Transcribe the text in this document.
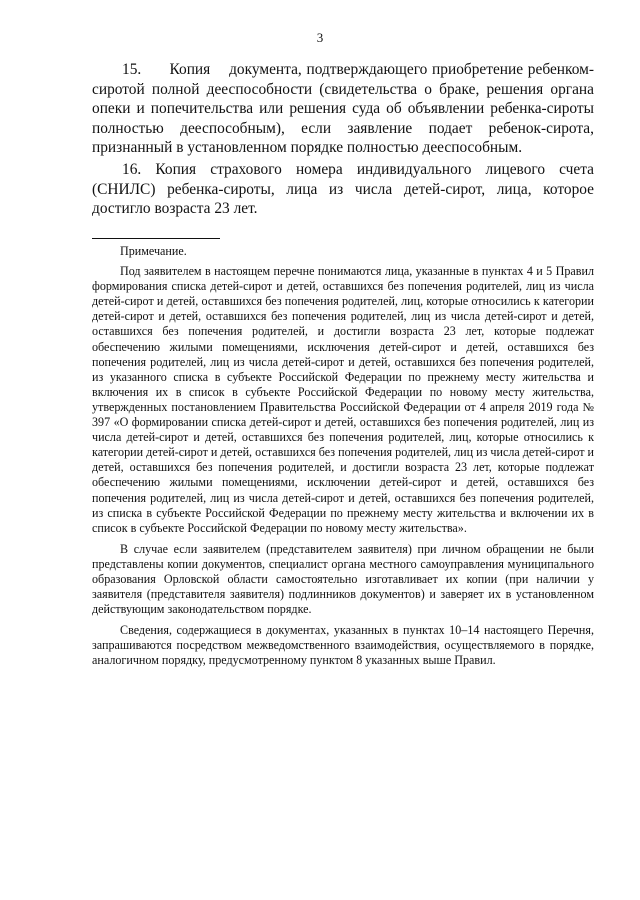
3

15.      Копия    документа, подтверждающего приобретение ребенком-сиротой полной дееспособности (свидетельства о браке, решения органа опеки и попечительства или решения суда об объявлении ребенка-сироты полностью дееспособным), если заявление подает ребенок-сирота, признанный в установленном порядке полностью дееспособным.

16. Копия страхового номера индивидуального лицевого счета (СНИЛС) ребенка-сироты, лица из числа детей-сирот, лица, которое достигло возраста 23 лет.

Примечание.

Под заявителем в настоящем перечне понимаются лица, указанные в пунктах 4 и 5 Правил формирования списка детей-сирот и детей, оставшихся без попечения родителей, лиц из числа детей-сирот и детей, оставшихся без попечения родителей, лиц, которые относились к категории детей-сирот и детей, оставшихся без попечения родителей, лиц из числа детей-сирот и детей, оставшихся без попечения родителей, и достигли возраста 23 лет, которые подлежат обеспечению жилыми помещениями, исключения детей-сирот и детей, оставшихся без попечения родителей, лиц из числа детей-сирот и детей, оставшихся без попечения родителей, из указанного списка в субъекте Российской Федерации по прежнему месту жительства и включения их в список в субъекте Российской Федерации по новому месту жительства, утвержденных постановлением Правительства Российской Федерации от 4 апреля 2019 года № 397 «О формировании списка детей-сирот и детей, оставшихся без попечения родителей, лиц из числа детей-сирот и детей, оставшихся без попечения родителей, лиц, которые относились к категории детей-сирот и детей, оставшихся без попечения родителей, лиц из числа детей-сирот и детей, оставшихся без попечения родителей, и достигли возраста 23 лет, которые подлежат обеспечению жилыми помещениями, исключении детей-сирот и детей, оставшихся без попечения родителей, лиц из числа детей-сирот и детей, оставшихся без попечения родителей, из списка в субъекте Российской Федерации по прежнему месту жительства и включении их в список в субъекте Российской Федерации по новому месту жительства».

В случае если заявителем (представителем заявителя) при личном обращении не были представлены копии документов, специалист органа местного самоуправления муниципального образования Орловской области самостоятельно изготавливает их копии (при наличии у заявителя (представителя заявителя) подлинников документов) и заверяет их в установленном действующим законодательством порядке.

Сведения, содержащиеся в документах, указанных в пунктах 10–14 настоящего Перечня, запрашиваются посредством межведомственного взаимодействия, осуществляемого в порядке, аналогичном порядку, предусмотренному пунктом 8 указанных выше Правил.
